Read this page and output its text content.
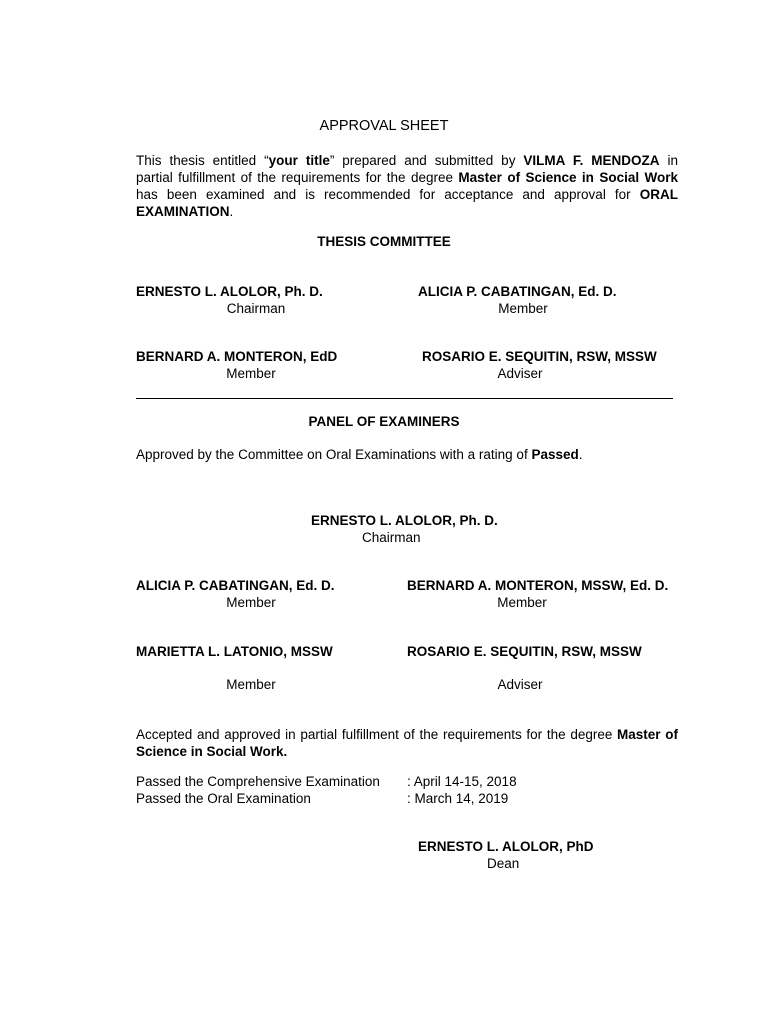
APPROVAL SHEET
This thesis entitled “your title” prepared and submitted by VILMA F. MENDOZA in
partial fulfillment of the requirements for the degree Master of Science in Social Work
has been examined and is recommended for acceptance and approval for ORAL
EXAMINATION.
THESIS COMMITTEE
ERNESTO L. ALOLOR, Ph. D.
Chairman
ALICIA P. CABATINGAN, Ed. D.
Member
BERNARD A. MONTERON, EdD
Member
ROSARIO E. SEQUITIN, RSW, MSSW
Adviser
PANEL OF EXAMINERS
Approved by the Committee on Oral Examinations with a rating of Passed.
ERNESTO L. ALOLOR, Ph. D.
Chairman
ALICIA P. CABATINGAN, Ed. D.
Member
BERNARD A. MONTERON, MSSW, Ed. D.
Member
MARIETTA L. LATONIO, MSSW
Member
ROSARIO E. SEQUITIN, RSW, MSSW
Adviser
Accepted and approved in partial fulfillment of the requirements for the degree Master of
Science in Social Work.
Passed the Comprehensive Examination : April 14-15, 2018
Passed the Oral Examination	: March 14, 2019
ERNESTO L. ALOLOR, PhD
Dean
